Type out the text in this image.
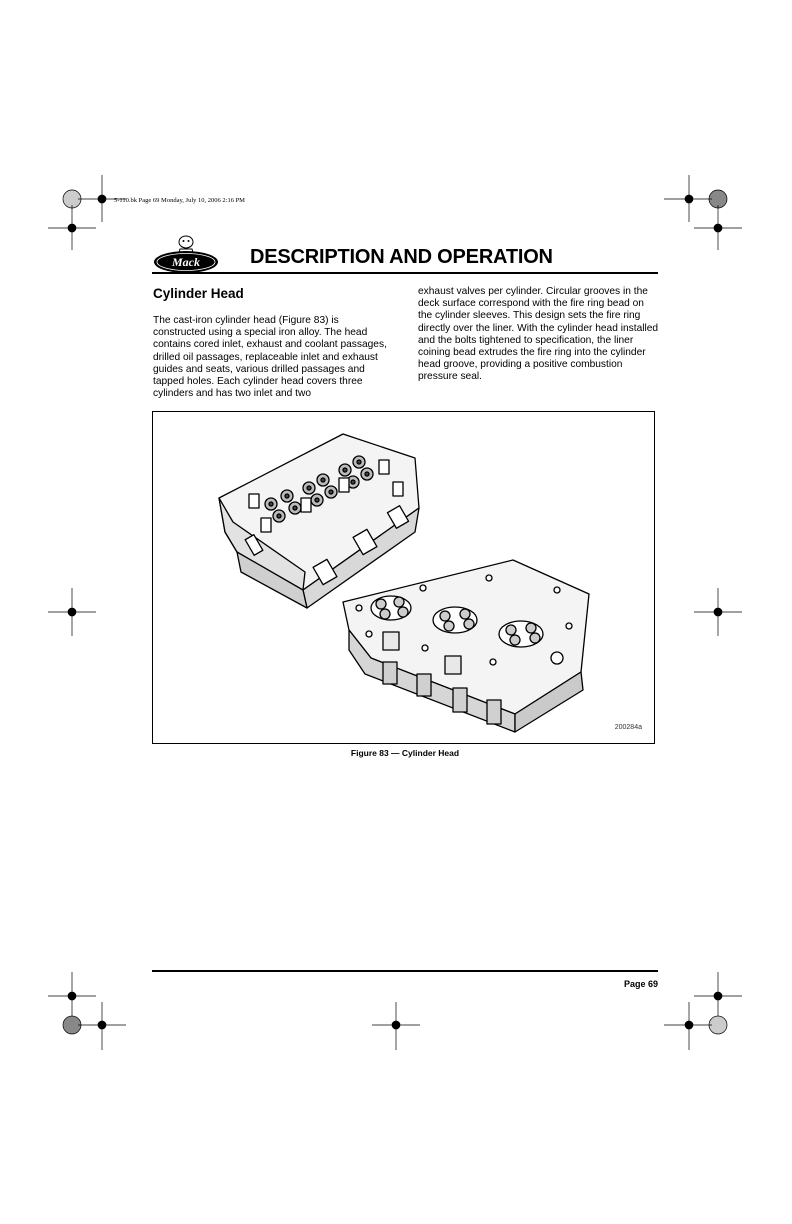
5-110.bk Page 69 Monday, July 10, 2006 2:16 PM
Mack	DESCRIPTION AND OPERATION
Cylinder Head
The cast-iron cylinder head (Figure 83) is constructed using a special iron alloy. The head contains cored inlet, exhaust and coolant passages, drilled oil passages, replaceable inlet and exhaust guides and seats, various drilled passages and tapped holes. Each cylinder head covers three cylinders and has two inlet and two
exhaust valves per cylinder. Circular grooves in the deck surface correspond with the fire ring bead on the cylinder sleeves. This design sets the fire ring directly over the liner. With the cylinder head installed and the bolts tightened to specification, the liner coining bead extrudes the fire ring into the cylinder head groove, providing a positive combustion pressure seal.
200284a
Figure 83 — Cylinder Head
Page 69
